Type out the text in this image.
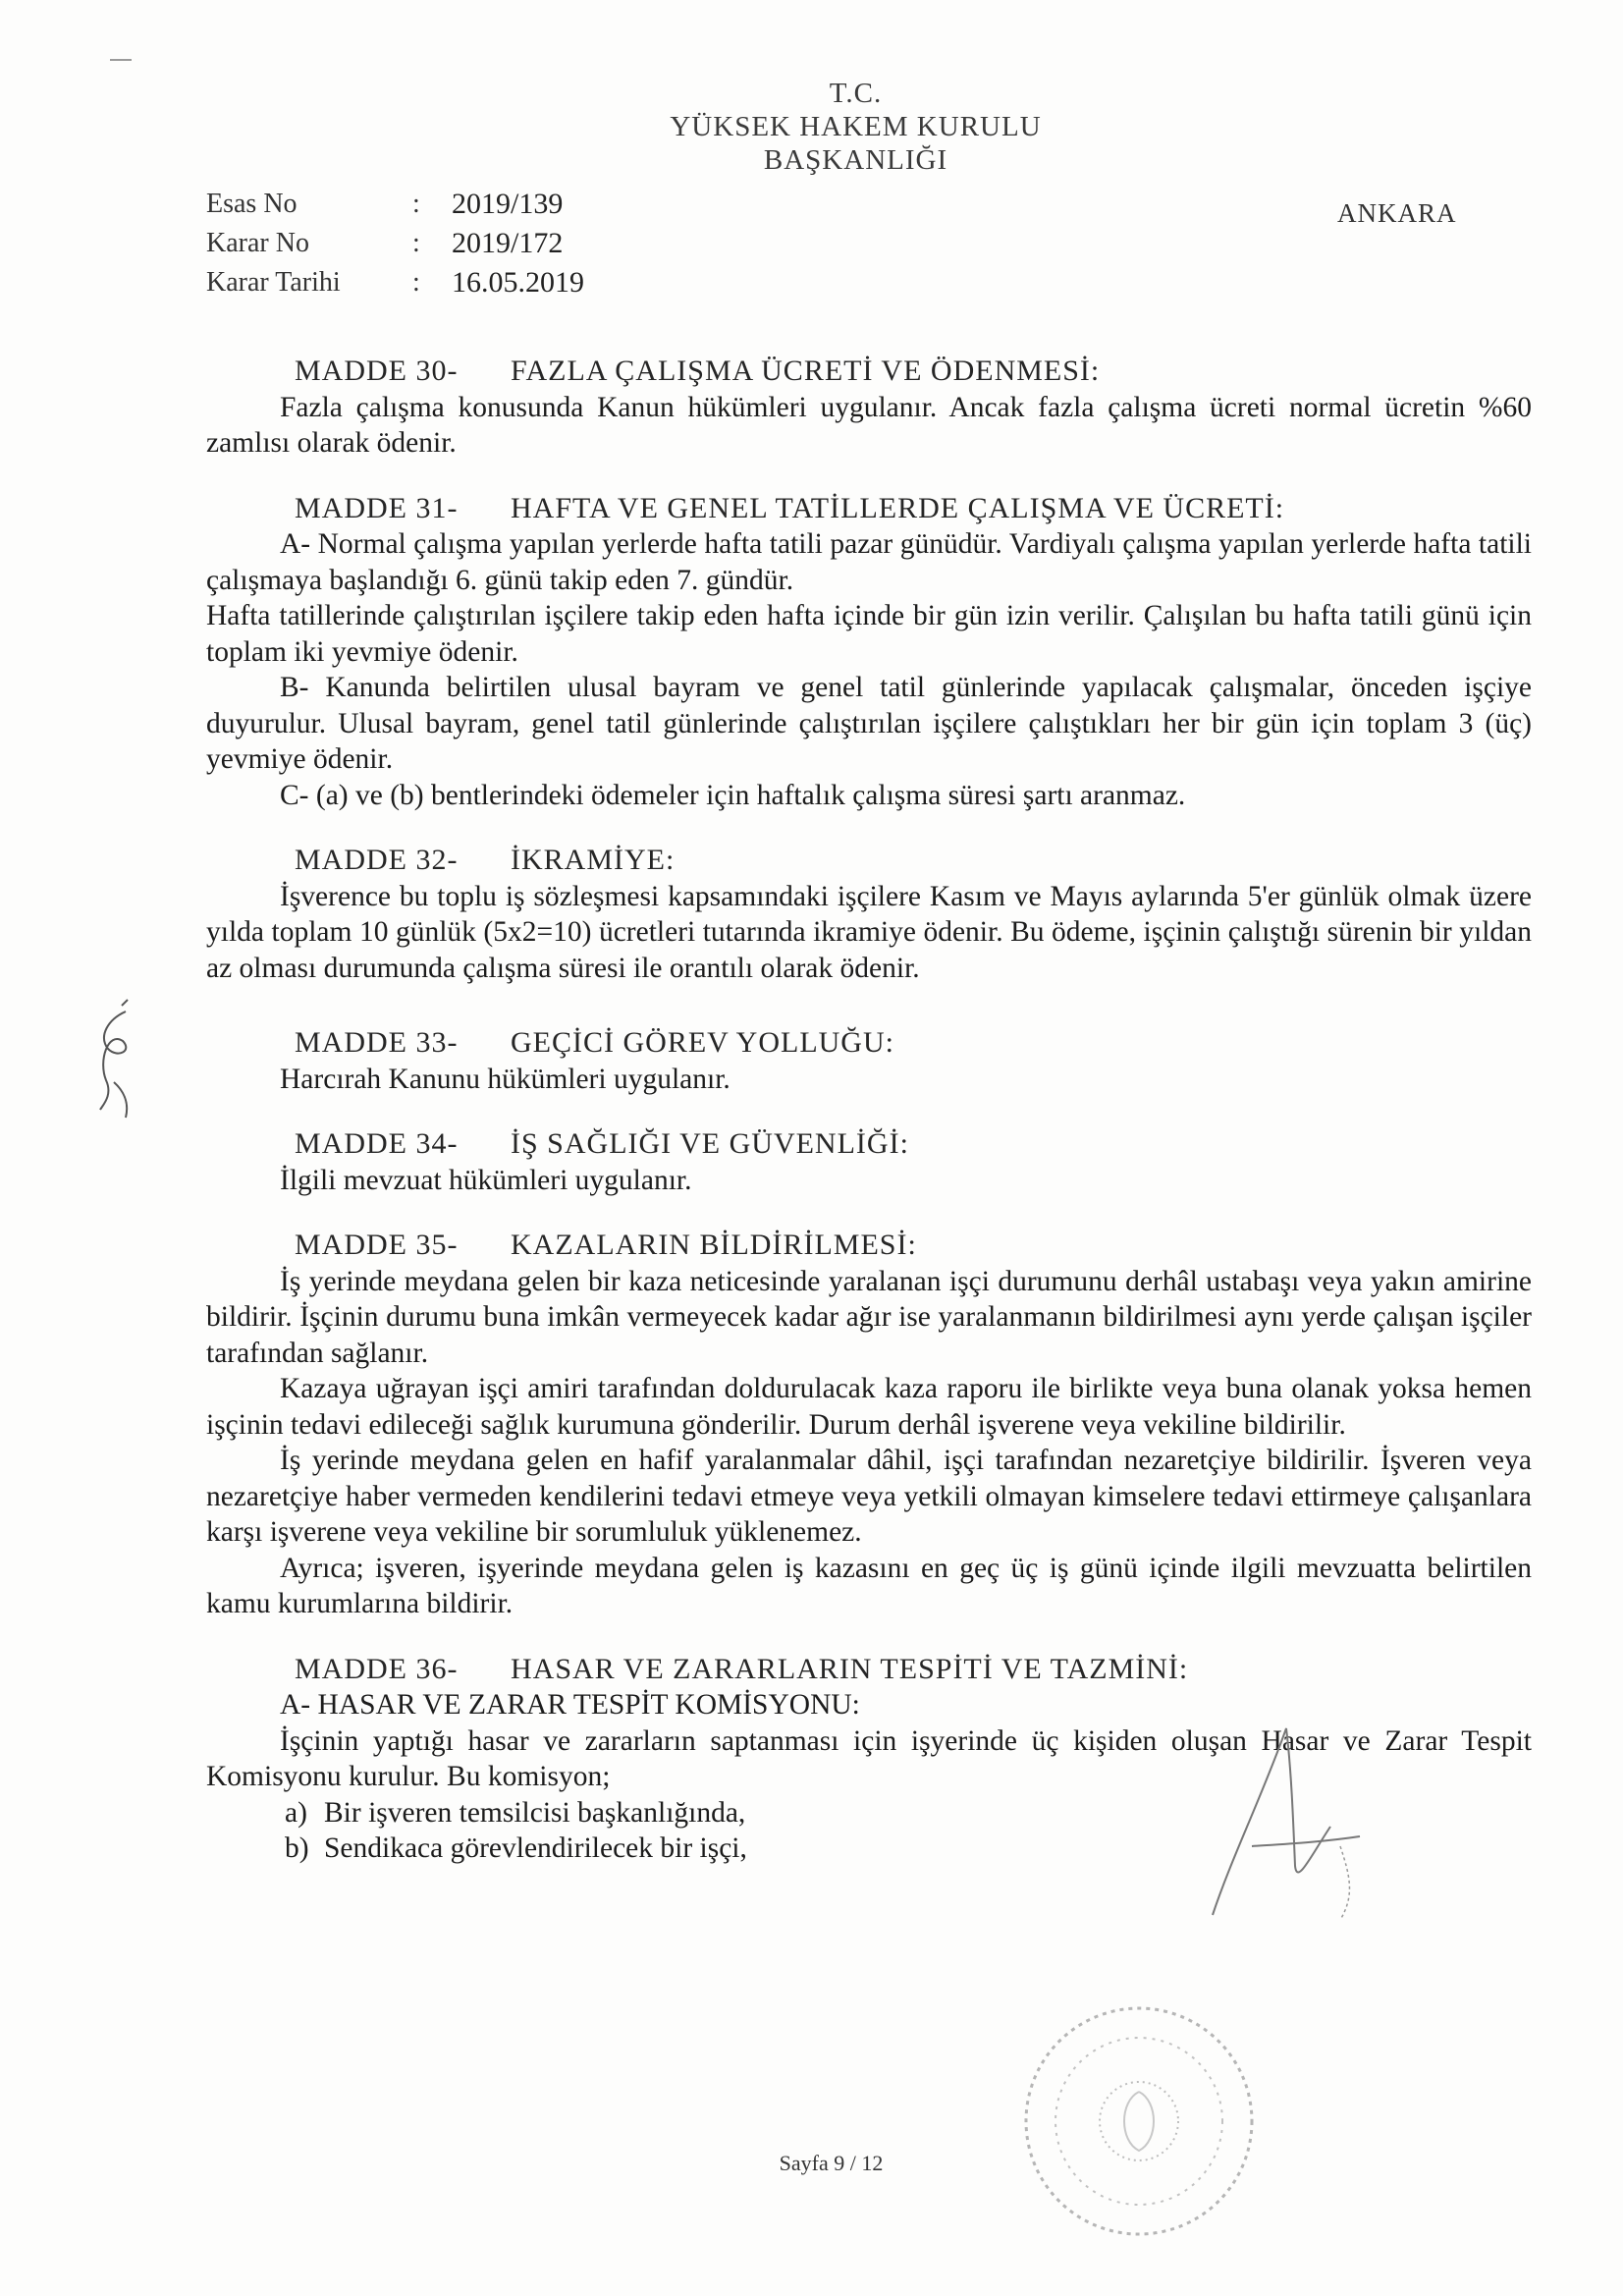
T.C.
YÜKSEK HAKEM KURULU
BAŞKANLIĞI
Esas No	:	2019/139
Karar No	:	2019/172
Karar Tarihi	:	16.05.2019
ANKARA
MADDE 30- FAZLA ÇALIŞMA ÜCRETİ VE ÖDENMESİ:
Fazla çalışma konusunda Kanun hükümleri uygulanır. Ancak fazla çalışma ücreti normal ücretin %60 zamlısı olarak ödenir.
MADDE 31- HAFTA VE GENEL TATİLLERDE ÇALIŞMA VE ÜCRETİ:
A- Normal çalışma yapılan yerlerde hafta tatili pazar günüdür. Vardiyalı çalışma yapılan yerlerde hafta tatili çalışmaya başlandığı 6. günü takip eden 7. gündür.
Hafta tatillerinde çalıştırılan işçilere takip eden hafta içinde bir gün izin verilir. Çalışılan bu hafta tatili günü için toplam iki yevmiye ödenir.
B- Kanunda belirtilen ulusal bayram ve genel tatil günlerinde yapılacak çalışmalar, önceden işçiye duyurulur. Ulusal bayram, genel tatil günlerinde çalıştırılan işçilere çalıştıkları her bir gün için toplam 3 (üç) yevmiye ödenir.
C- (a) ve (b) bentlerindeki ödemeler için haftalık çalışma süresi şartı aranmaz.
MADDE 32- İKRAMİYE:
İşverence bu toplu iş sözleşmesi kapsamındaki işçilere Kasım ve Mayıs aylarında 5'er günlük olmak üzere yılda toplam 10 günlük (5x2=10) ücretleri tutarında ikramiye ödenir. Bu ödeme, işçinin çalıştığı sürenin bir yıldan az olması durumunda çalışma süresi ile orantılı olarak ödenir.
MADDE 33- GEÇİCİ GÖREV YOLLUĞU:
Harcırah Kanunu hükümleri uygulanır.
MADDE 34- İŞ SAĞLIĞI VE GÜVENLİĞİ:
İlgili mevzuat hükümleri uygulanır.
MADDE 35- KAZALARIN BİLDİRİLMESİ:
İş yerinde meydana gelen bir kaza neticesinde yaralanan işçi durumunu derhâl ustabaşı veya yakın amirine bildirir. İşçinin durumu buna imkân vermeyecek kadar ağır ise yaralanmanın bildirilmesi aynı yerde çalışan işçiler tarafından sağlanır.
Kazaya uğrayan işçi amiri tarafından doldurulacak kaza raporu ile birlikte veya buna olanak yoksa hemen işçinin tedavi edileceği sağlık kurumuna gönderilir. Durum derhâl işverene veya vekiline bildirilir.
İş yerinde meydana gelen en hafif yaralanmalar dâhil, işçi tarafından nezaretçiye bildirilir. İşveren veya nezaretçiye haber vermeden kendilerini tedavi etmeye veya yetkili olmayan kimselere tedavi ettirmeye çalışanlara karşı işverene veya vekiline bir sorumluluk yüklenemez.
Ayrıca; işveren, işyerinde meydana gelen iş kazasını en geç üç iş günü içinde ilgili mevzuatta belirtilen kamu kurumlarına bildirir.
MADDE 36- HASAR VE ZARARLARIN TESPİTİ VE TAZMİNİ:
A- HASAR VE ZARAR TESPİT KOMİSYONU:
İşçinin yaptığı hasar ve zararların saptanması için işyerinde üç kişiden oluşan Hasar ve Zarar Tespit Komisyonu kurulur. Bu komisyon;
a) Bir işveren temsilcisi başkanlığında,
b) Sendikaca görevlendirilecek bir işçi,
Sayfa 9 / 12
